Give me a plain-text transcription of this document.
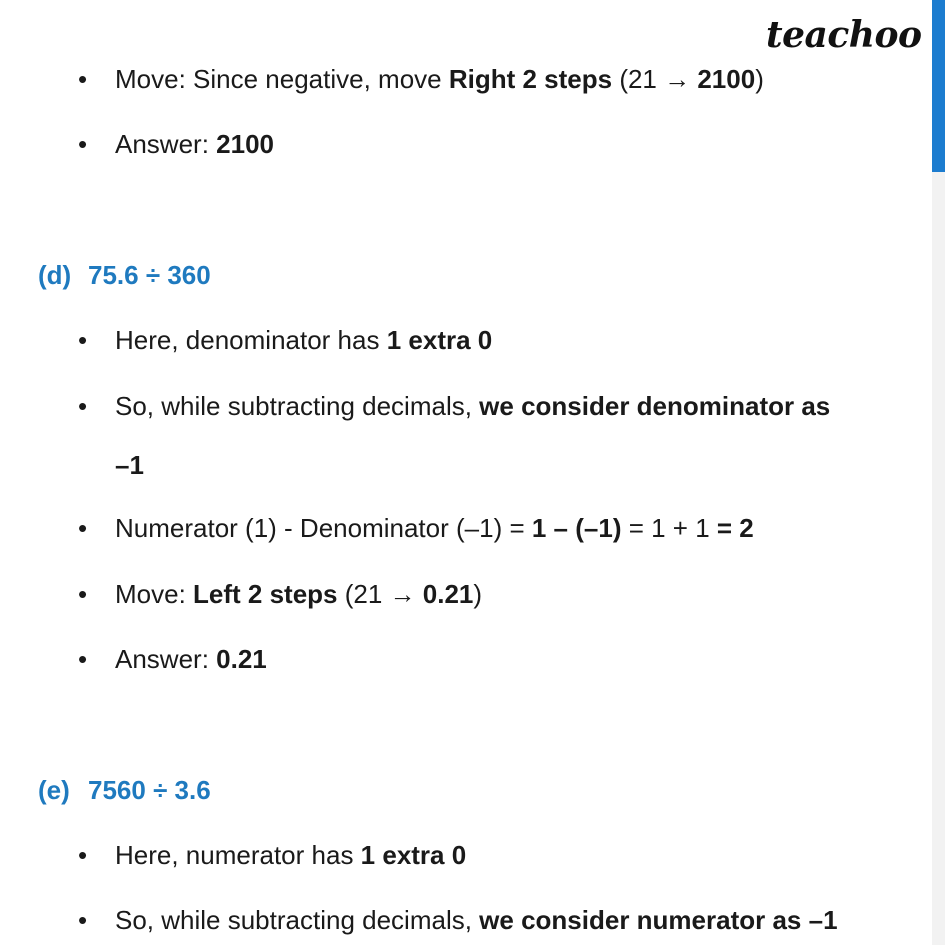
teachoo
• Move: Since negative, move Right 2 steps (21 → 2100)
• Answer: 2100
(d) 75.6 ÷ 360
• Here, denominator has 1 extra 0
• So, while subtracting decimals, we consider denominator as
–1
• Numerator (1) - Denominator (–1) = 1 – (–1) = 1 + 1 = 2
• Move: Left 2 steps (21 → 0.21)
• Answer: 0.21
(e) 7560 ÷ 3.6
• Here, numerator has 1 extra 0
• So, while subtracting decimals, we consider numerator as –1
